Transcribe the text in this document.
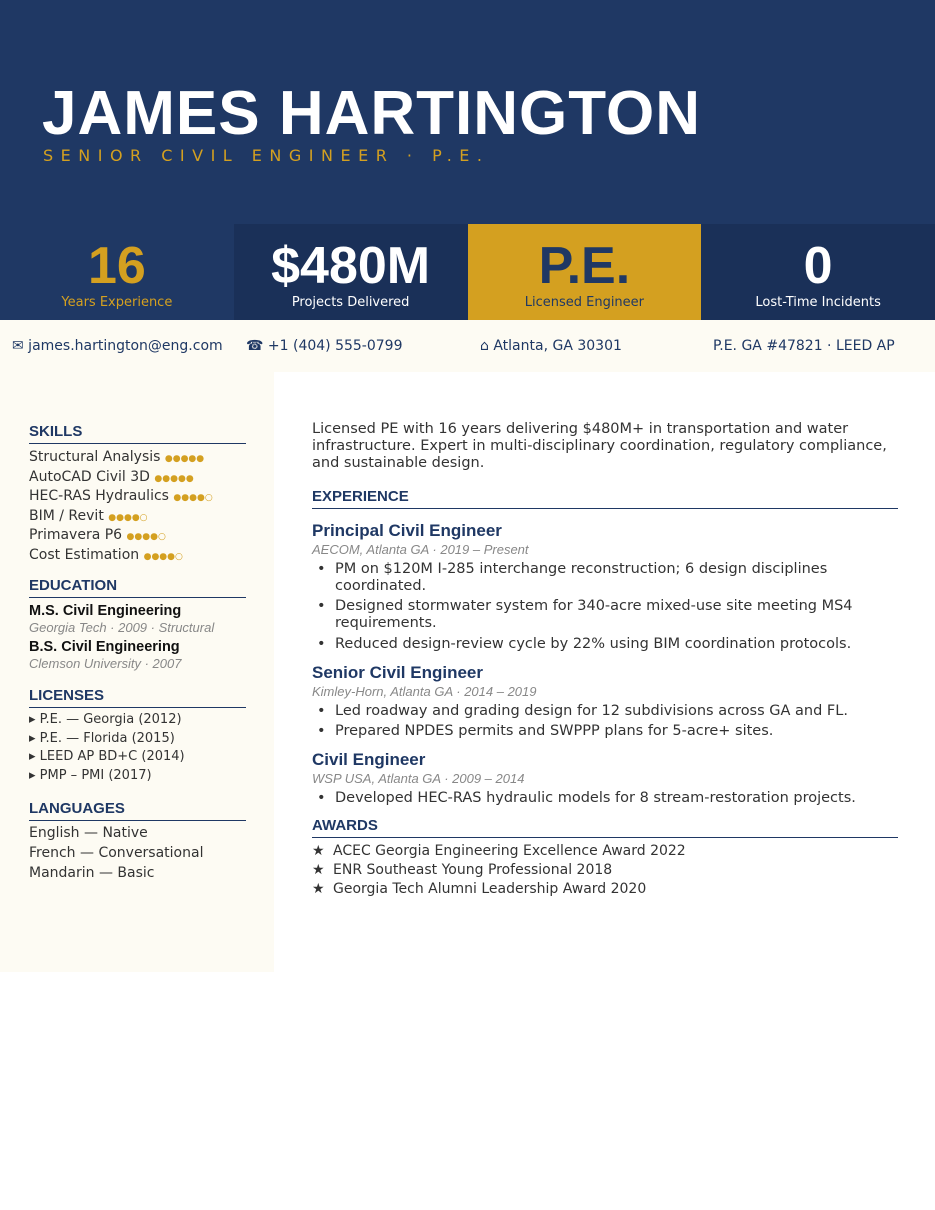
JAMES HARTINGTON
SENIOR CIVIL ENGINEER · P.E.
16
Years Experience
$480M
Projects Delivered
P.E.
Licensed Engineer
0
Lost-Time Incidents
✉ james.hartington@eng.com ☎ +1 (404) 555-0799	⌂ Atlanta, GA 30301	P.E. GA #47821 · LEED AP
SKILLS
Structural Analysis ●●●●●
AutoCAD Civil 3D ●●●●●
HEC-RAS Hydraulics ●●●●○
BIM / Revit ●●●●○
Primavera P6 ●●●●○
Cost Estimation ●●●●○
EDUCATION
M.S. Civil Engineering
Georgia Tech · 2009 · Structural
B.S. Civil Engineering
Clemson University · 2007
LICENSES
▸ P.E. — Georgia (2012)
▸ P.E. — Florida (2015)
▸ LEED AP BD+C (2014)
▸ PMP – PMI (2017)
LANGUAGES
English — Native
French — Conversational
Mandarin — Basic
Licensed PE with 16 years delivering $480M+ in transportation and water infrastructure. Expert in multi-disciplinary coordination, regulatory compliance, and sustainable design.
EXPERIENCE
Principal Civil Engineer
AECOM, Atlanta GA · 2019 – Present
• PM on $120M I-285 interchange reconstruction; 6 design disciplines coordinated.
• Designed stormwater system for 340-acre mixed-use site meeting MS4 requirements.
• Reduced design-review cycle by 22% using BIM coordination protocols.
Senior Civil Engineer
Kimley-Horn, Atlanta GA · 2014 – 2019
• Led roadway and grading design for 12 subdivisions across GA and FL.
• Prepared NPDES permits and SWPPP plans for 5-acre+ sites.
Civil Engineer
WSP USA, Atlanta GA · 2009 – 2014
• Developed HEC-RAS hydraulic models for 8 stream-restoration projects.
AWARDS
★ ACEC Georgia Engineering Excellence Award 2022
★ ENR Southeast Young Professional 2018
★ Georgia Tech Alumni Leadership Award 2020
